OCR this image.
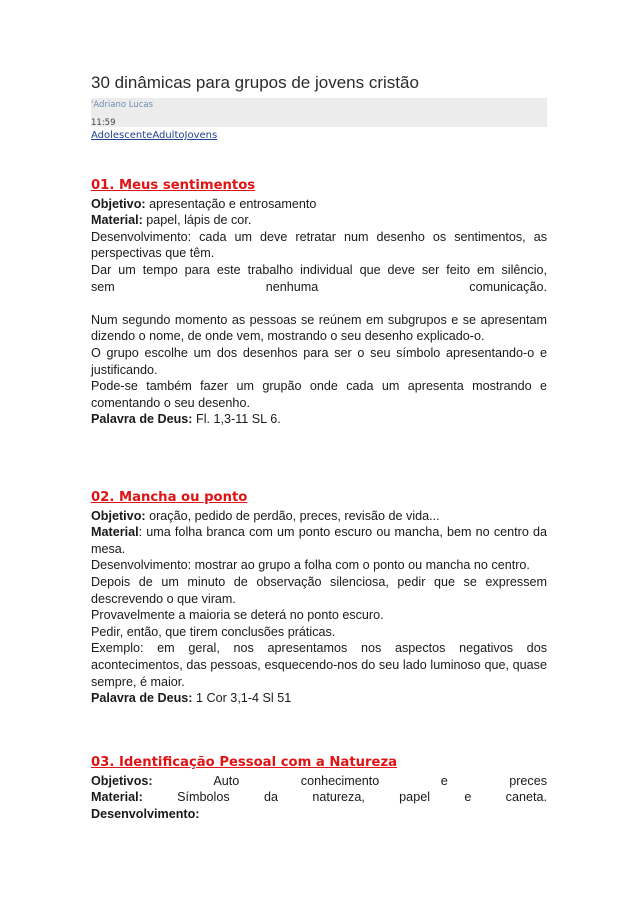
30 dinâmicas para grupos de jovens cristão
'Adriano Lucas
11:59
AdolescenteAdultoJovens
01. Meus sentimentos
Objetivo: apresentação e entrosamento
Material: papel, lápis de cor.
Desenvolvimento: cada um deve retratar num desenho os sentimentos, as perspectivas que têm.
Dar um tempo para este trabalho individual que deve ser feito em silêncio,
sem nenhuma comunicação.
Num segundo momento as pessoas se reúnem em subgrupos e se apresentam dizendo o nome, de onde vem, mostrando o seu desenho explicado-o.
O grupo escolhe um dos desenhos para ser o seu símbolo apresentando-o e justificando.
Pode-se também fazer um grupão onde cada um apresenta mostrando e comentando o seu desenho.
Palavra de Deus: Fl. 1,3-11 SL 6.
02. Mancha ou ponto
Objetivo: oração, pedido de perdão, preces, revisão de vida...
Material: uma folha branca com um ponto escuro ou mancha, bem no centro da mesa.
Desenvolvimento: mostrar ao grupo a folha com o ponto ou mancha no centro.
Depois de um minuto de observação silenciosa, pedir que se expressem descrevendo o que viram.
Provavelmente a maioria se deterá no ponto escuro.
Pedir, então, que tirem conclusões práticas.
Exemplo: em geral, nos apresentamos nos aspectos negativos dos acontecimentos, das pessoas, esquecendo-nos do seu lado luminoso que, quase sempre, é maior.
Palavra de Deus: 1 Cor 3,1-4 Sl 51
03. Identificação Pessoal com a Natureza
Objetivos: Auto conhecimento e preces
Material: Símbolos da natureza, papel e caneta.
Desenvolvimento:
